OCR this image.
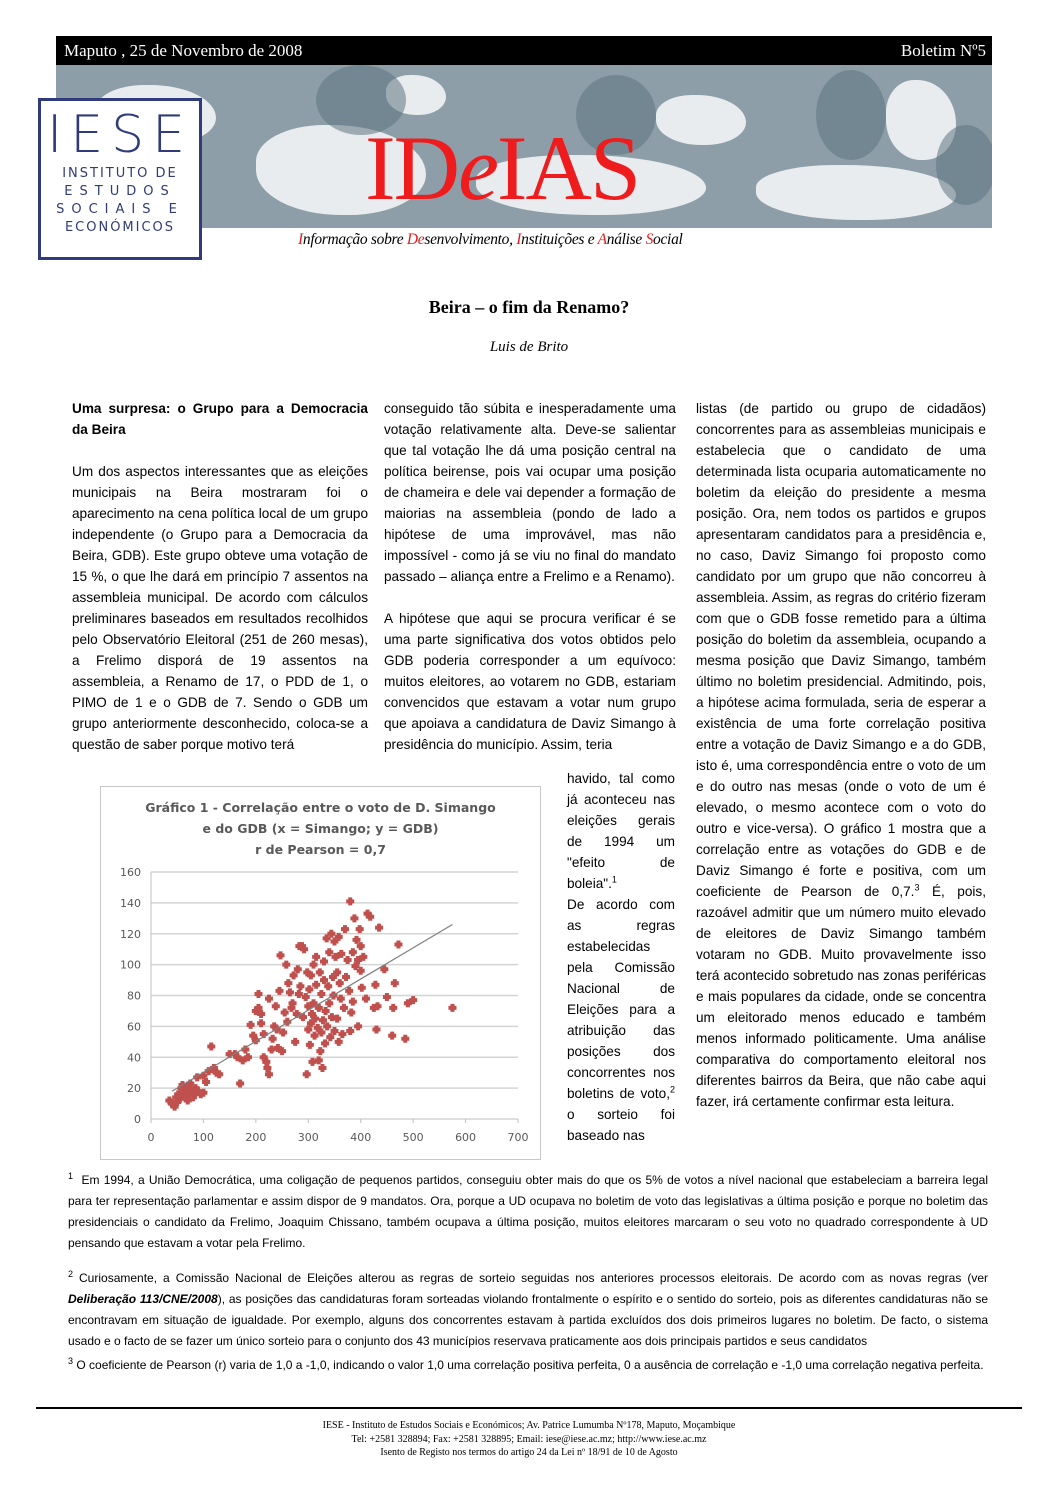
Maputo , 25 de Novembro de 2008	Boletim Nº5
IESE
INSTITUTO DE
ESTUDOS
SOCIAIS E
ECONÓMICOS
IDeIAS
Informação sobre Desenvolvimento, Instituições e Análise Social
Beira – o fim da Renamo?
Luis de Brito

Uma surpresa: o Grupo para a Democracia da Beira

Um dos aspectos interessantes que as eleições municipais na Beira mostraram foi o aparecimento na cena política local de um grupo independente (o Grupo para a Democracia da Beira, GDB). Este grupo obteve uma votação de 15 %, o que lhe dará em princípio 7 assentos na assembleia municipal. De acordo com cálculos preliminares baseados em resultados recolhidos pelo Observatório Eleitoral (251 de 260 mesas), a Frelimo disporá de 19 assentos na assembleia, a Renamo de 17, o PDD de 1, o PIMO de 1 e o GDB de 7. Sendo o GDB um grupo anteriormente desconhecido, coloca-se a questão de saber porque motivo terá

conseguido tão súbita e inesperadamente uma votação relativamente alta. Deve-se salientar que tal votação lhe dá uma posição central na política beirense, pois vai ocupar uma posição de chameira e dele vai depender a formação de maiorias na assembleia (pondo de lado a hipótese de uma improvável, mas não impossível - como já se viu no final do mandato passado – aliança entre a Frelimo e a Renamo).

A hipótese que aqui se procura verificar é se uma parte significativa dos votos obtidos pelo GDB poderia corresponder a um equívoco: muitos eleitores, ao votarem no GDB, estariam convencidos que estavam a votar num grupo que apoiava a candidatura de Daviz Simango à presidência do município. Assim, teria

havido, tal como já aconteceu nas eleições gerais de 1994 um "efeito de boleia".$^1$

De acordo com as regras estabelecidas pela Comissão Nacional de Eleições para a atribuição das posições dos concorrentes nos boletins de voto,$^2$ o sorteio foi baseado nas

listas (de partido ou grupo de cidadãos) concorrentes para as assembleias municipais e estabelecia que o candidato de uma determinada lista ocuparia automaticamente no boletim da eleição do presidente a mesma posição. Ora, nem todos os partidos e grupos apresentaram candidatos para a presidência e, no caso, Daviz Simango foi proposto como candidato por um grupo que não concorreu à assembleia. Assim, as regras do critério fizeram com que o GDB fosse remetido para a última posição do boletim da assembleia, ocupando a mesma posição que Daviz Simango, também último no boletim presidencial. Admitindo, pois, a hipótese acima formulada, seria de esperar a existência de uma forte correlação positiva entre a votação de Daviz Simango e a do GDB, isto é, uma correspondência entre o voto de um e do outro nas mesas (onde o voto de um é elevado, o mesmo acontece com o voto do outro e vice-versa). O gráfico 1 mostra que a correlação entre as votações do GDB e de Daviz Simango é forte e positiva, com um coeficiente de Pearson de 0,7.$^3$ É, pois, razoável admitir que um número muito elevado de eleitores de Daviz Simango também votaram no GDB. Muito provavelmente isso terá acontecido sobretudo nas zonas periféricas e mais populares da cidade, onde se concentra um eleitorado menos educado e também menos informado politicamente. Uma análise comparativa do comportamento eleitoral nos diferentes bairros da Beira, que não cabe aqui fazer, irá certamente confirmar esta leitura.

0
20
40
60
80
100
120
140
160
0	100	200	300	400	500	600	700
Gráfico 1 - Correlação entre o voto de D. Simango
e do GDB (x = Simango; y = GDB)
r de Pearson = 0,7
$^1$ Em 1994, a União Democrática, uma coligação de pequenos partidos, conseguiu obter mais do que os 5% de votos a nível nacional que estabeleciam a barreira legal para ter representação parlamentar e assim dispor de 9 mandatos. Ora, porque a UD ocupava no boletim de voto das legislativas a última posição e porque no boletim das presidenciais o candidato da Frelimo, Joaquim Chissano, também ocupava a última posição, muitos eleitores marcaram o seu voto no quadrado correspondente à UD pensando que estavam a votar pela Frelimo.
$^2$ Curiosamente, a Comissão Nacional de Eleições alterou as regras de sorteio seguidas nos anteriores processos eleitorais. De acordo com as novas regras (ver Deliberação 113/CNE/2008), as posições das candidaturas foram sorteadas violando frontalmente o espírito e o sentido do sorteio, pois as diferentes candidaturas não se encontravam em situação de igualdade. Por exemplo, alguns dos concorrentes estavam à partida excluídos dos dois primeiros lugares no boletim. De facto, o sistema usado e o facto de se fazer um único sorteio para o conjunto dos 43 municípios reservava praticamente aos dois principais partidos e seus candidatos
$^3$ O coeficiente de Pearson (r) varia de 1,0 a -1,0, indicando o valor 1,0 uma correlação positiva perfeita, 0 a ausência de correlação e -1,0 uma correlação negativa perfeita.
IESE - Instituto de Estudos Sociais e Económicos; Av. Patrice Lumumba Nº178, Maputo, Moçambique
Tel: +2581 328894; Fax: +2581 328895; Email: iese@iese.ac.mz; http://www.iese.ac.mz
Isento de Registo nos termos do artigo 24 da Lei nº 18/91 de 10 de Agosto
